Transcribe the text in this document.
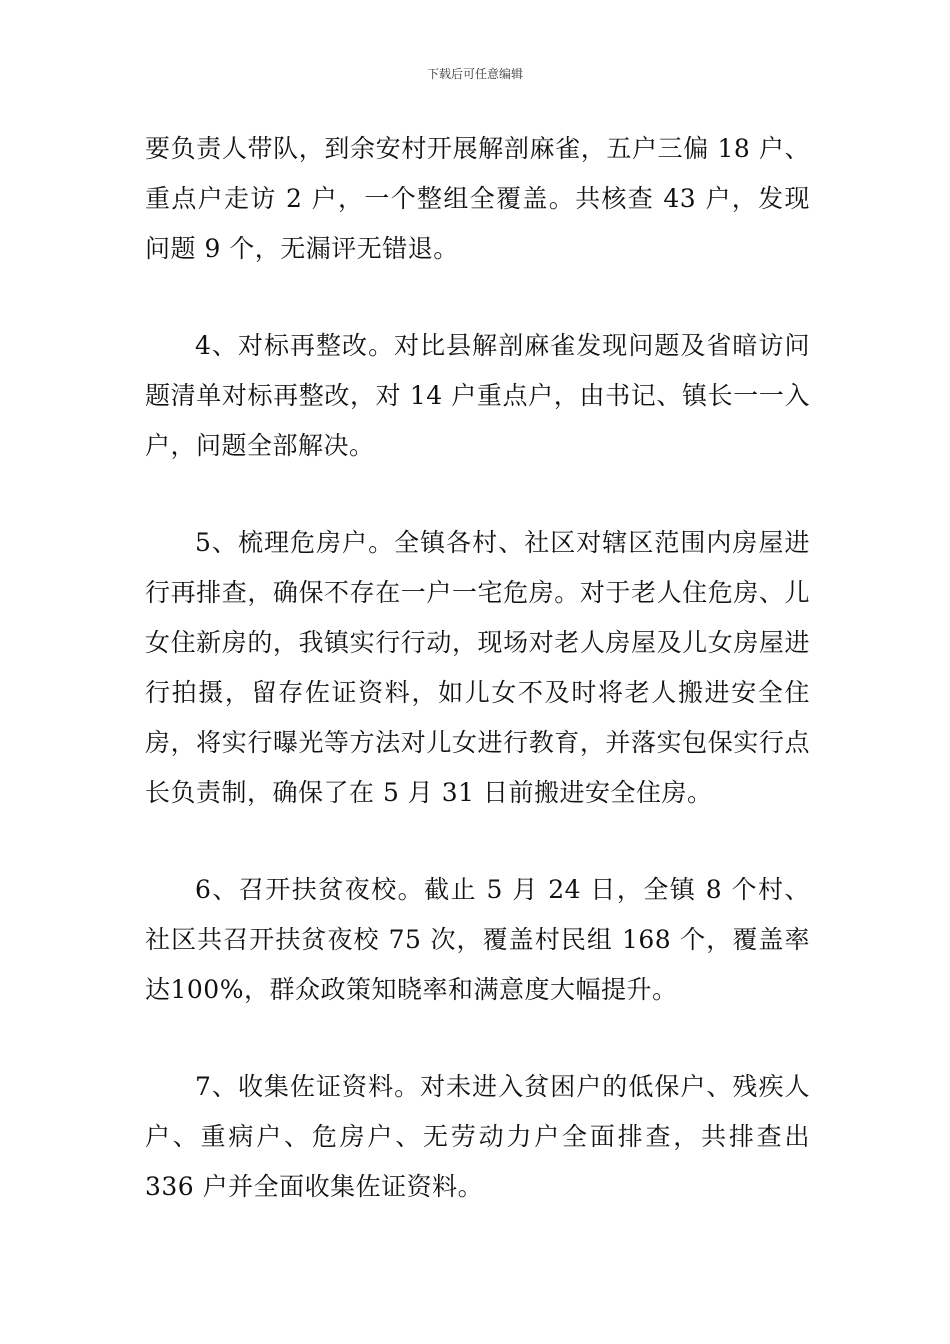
下载后可任意编辑

要负责人带队，到余安村开展解剖麻雀，五户三偏 18 户、重点户走访 2 户，一个整组全覆盖。共核查 43 户，发现问题 9 个，无漏评无错退。

4、对标再整改。对比县解剖麻雀发现问题及省暗访问题清单对标再整改，对 14 户重点户，由书记、镇长一一入户，问题全部解决。

5、梳理危房户。全镇各村、社区对辖区范围内房屋进行再排查，确保不存在一户一宅危房。对于老人住危房、儿女住新房的，我镇实行行动，现场对老人房屋及儿女房屋进行拍摄，留存佐证资料，如儿女不及时将老人搬进安全住房，将实行曝光等方法对儿女进行教育，并落实包保实行点长负责制，确保了在 5 月 31 日前搬进安全住房。

6、召开扶贫夜校。截止 5 月 24 日，全镇 8 个村、社区共召开扶贫夜校 75 次，覆盖村民组 168 个，覆盖率达100%，群众政策知晓率和满意度大幅提升。

7、收集佐证资料。对未进入贫困户的低保户、残疾人户、重病户、危房户、无劳动力户全面排查，共排查出 336 户并全面收集佐证资料。
